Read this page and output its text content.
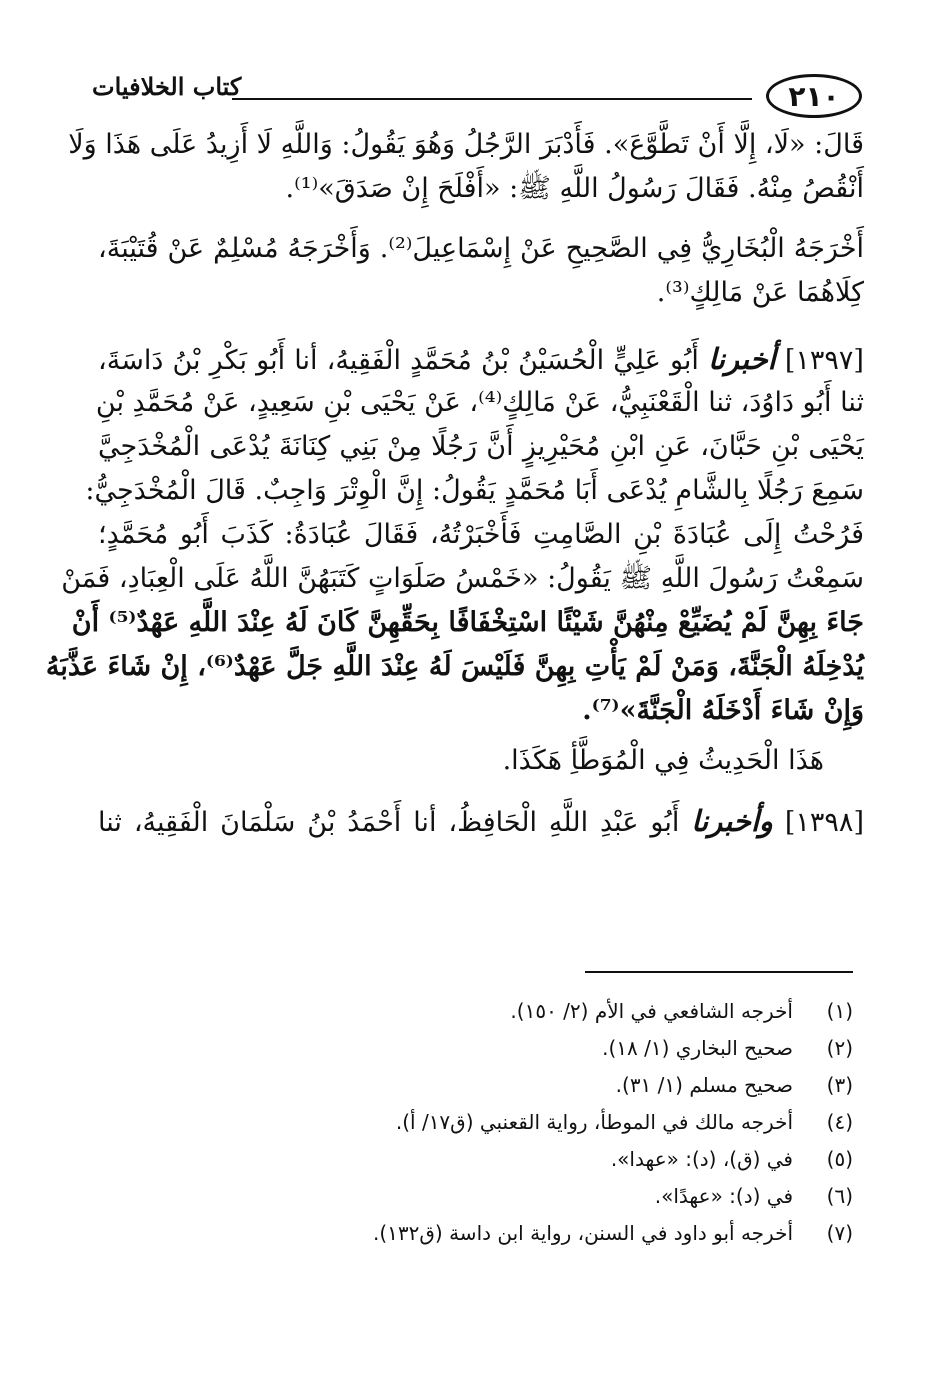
٢١٠
كتاب الخلافيات
قَالَ: «لَا، إِلَّا أَنْ تَطَّوَّعَ». فَأَدْبَرَ الرَّجُلُ وَهُوَ يَقُولُ: وَاللَّهِ لَا أَزِيدُ عَلَى هَذَا وَلَا
أَنْقُصُ مِنْهُ. فَقَالَ رَسُولُ اللَّهِ ﷺ: «أَفْلَحَ إِنْ صَدَقَ»⁽¹⁾.
أَخْرَجَهُ الْبُخَارِيُّ فِي الصَّحِيحِ عَنْ إِسْمَاعِيلَ⁽²⁾. وَأَخْرَجَهُ مُسْلِمٌ عَنْ قُتَيْبَةَ،
كِلَاهُمَا عَنْ مَالِكٍ⁽³⁾.
[١٣٩٧] أخبرنا أَبُو عَلِيٍّ الْحُسَيْنُ بْنُ مُحَمَّدٍ الْفَقِيهُ، أنا أَبُو بَكْرِ بْنُ دَاسَةَ،
ثنا أَبُو دَاوُدَ، ثنا الْقَعْنَبِيُّ، عَنْ مَالِكٍ⁽⁴⁾، عَنْ يَحْيَى بْنِ سَعِيدٍ، عَنْ مُحَمَّدِ بْنِ
يَحْيَى بْنِ حَبَّانَ، عَنِ ابْنِ مُحَيْرِيزٍ أَنَّ رَجُلًا مِنْ بَنِي كِنَانَةَ يُدْعَى الْمُخْدَجِيَّ
سَمِعَ رَجُلًا بِالشَّامِ يُدْعَى أَبَا مُحَمَّدٍ يَقُولُ: إِنَّ الْوِتْرَ وَاجِبٌ. قَالَ الْمُخْدَجِيُّ:
فَرُحْتُ إِلَى عُبَادَةَ بْنِ الصَّامِتِ فَأَخْبَرْتُهُ، فَقَالَ عُبَادَةُ: كَذَبَ أَبُو مُحَمَّدٍ؛
سَمِعْتُ رَسُولَ اللَّهِ ﷺ يَقُولُ: «خَمْسُ صَلَوَاتٍ كَتَبَهُنَّ اللَّهُ عَلَى الْعِبَادِ، فَمَنْ
جَاءَ بِهِنَّ لَمْ يُضَيِّعْ مِنْهُنَّ شَيْئًا اسْتِخْفَافًا بِحَقِّهِنَّ كَانَ لَهُ عِنْدَ اللَّهِ عَهْدٌ⁽⁵⁾ أَنْ
يُدْخِلَهُ الْجَنَّةَ، وَمَنْ لَمْ يَأْتِ بِهِنَّ فَلَيْسَ لَهُ عِنْدَ اللَّهِ جَلَّ عَهْدٌ⁽⁶⁾، إِنْ شَاءَ عَذَّبَهُ
وَإِنْ شَاءَ أَدْخَلَهُ الْجَنَّةَ»⁽⁷⁾.
هَذَا الْحَدِيثُ فِي الْمُوَطَّأِ هَكَذَا.
[١٣٩٨] وأخبرنا أَبُو عَبْدِ اللَّهِ الْحَافِظُ، أنا أَحْمَدُ بْنُ سَلْمَانَ الْفَقِيهُ، ثنا
(١)أخرجه الشافعي في الأم (٢/ ١٥٠).
(٢)صحيح البخاري (١/ ١٨).
(٣)صحيح مسلم (١/ ٣١).
(٤)أخرجه مالك في الموطأ، رواية القعنبي (ق١٧/ أ).
(٥)في (ق)، (د): «عهدا».
(٦)في (د): «عهدًا».
(٧)أخرجه أبو داود في السنن، رواية ابن داسة (ق١٣٢).
